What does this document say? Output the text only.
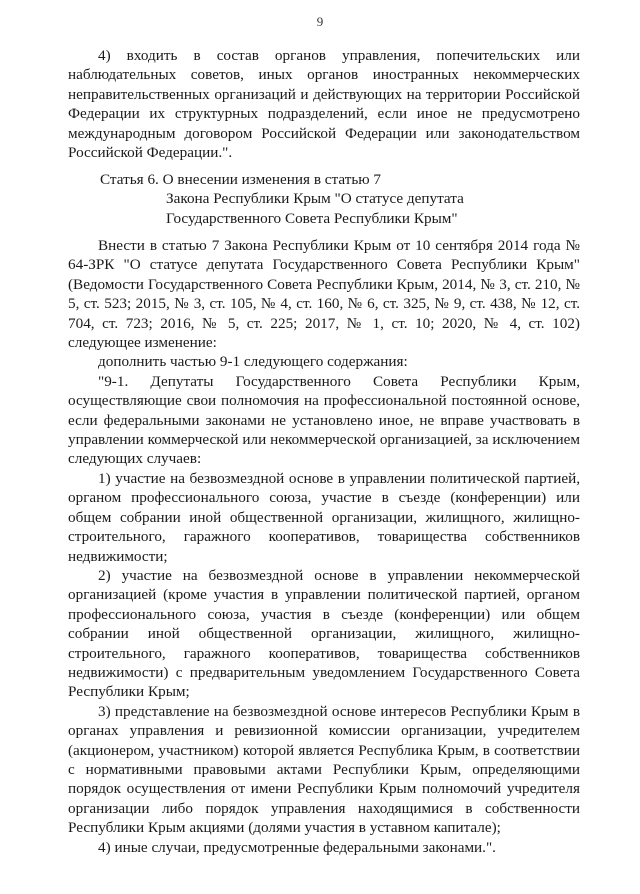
9

4) входить в состав органов управления, попечительских или наблюдательных советов, иных органов иностранных некоммерческих неправительственных организаций и действующих на территории Российской Федерации их структурных подразделений, если иное не предусмотрено международным договором Российской Федерации или законодательством Российской Федерации.".

Статья 6. О внесении изменения в статью 7
Закона Республики Крым "О статусе депутата
Государственного Совета Республики Крым"

Внести в статью 7 Закона Республики Крым от 10 сентября 2014 года № 64-ЗРК "О статусе депутата Государственного Совета Республики Крым" (Ведомости Государственного Совета Республики Крым, 2014, № 3, ст. 210, № 5, ст. 523; 2015, № 3, ст. 105, № 4, ст. 160, № 6, ст. 325, № 9, ст. 438, № 12, ст. 704, ст. 723; 2016, № 5, ст. 225; 2017, № 1, ст. 10; 2020, № 4, ст. 102) следующее изменение:

дополнить частью 9-1 следующего содержания:

"9-1. Депутаты Государственного Совета Республики Крым, осуществляющие свои полномочия на профессиональной постоянной основе, если федеральными законами не установлено иное, не вправе участвовать в управлении коммерческой или некоммерческой организацией, за исключением следующих случаев:

1) участие на безвозмездной основе в управлении политической партией, органом профессионального союза, участие в съезде (конференции) или общем собрании иной общественной организации, жилищного, жилищно-строительного, гаражного кооперативов, товарищества собственников недвижимости;

2) участие на безвозмездной основе в управлении некоммерческой организацией (кроме участия в управлении политической партией, органом профессионального союза, участия в съезде (конференции) или общем собрании иной общественной организации, жилищного, жилищно-строительного, гаражного кооперативов, товарищества собственников недвижимости) с предварительным уведомлением Государственного Совета Республики Крым;

3) представление на безвозмездной основе интересов Республики Крым в органах управления и ревизионной комиссии организации, учредителем (акционером, участником) которой является Республика Крым, в соответствии с нормативными правовыми актами Республики Крым, определяющими порядок осуществления от имени Республики Крым полномочий учредителя организации либо порядок управления находящимися в собственности Республики Крым акциями (долями участия в уставном капитале);

4) иные случаи, предусмотренные федеральными законами.".
